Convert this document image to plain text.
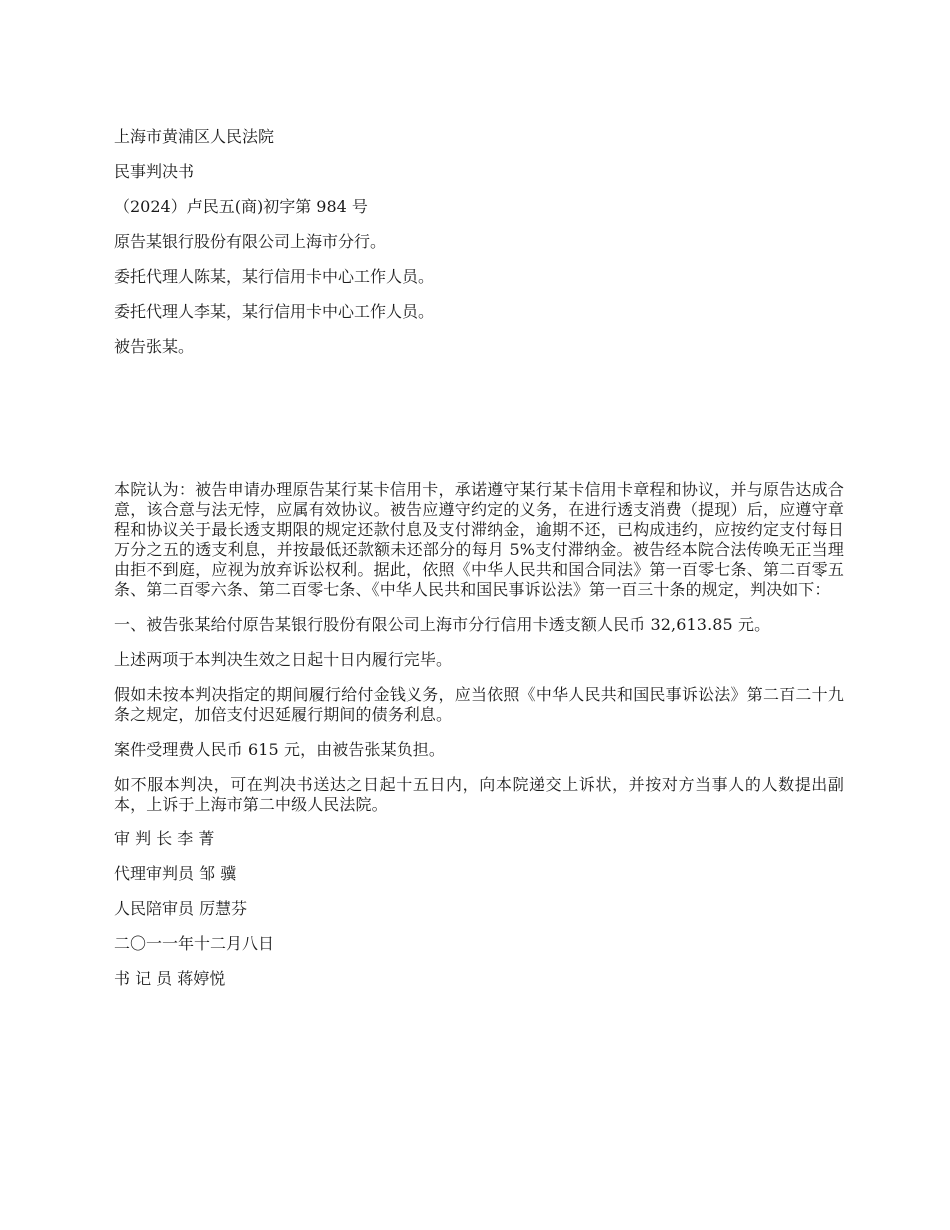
上海市黄浦区人民法院

民事判决书

（2024）卢民五(商)初字第 984 号

原告某银行股份有限公司上海市分行。

委托代理人陈某，某行信用卡中心工作人员。

委托代理人李某，某行信用卡中心工作人员。

被告张某。

本院认为：被告申请办理原告某行某卡信用卡，承诺遵守某行某卡信用卡章程和协议，并与原告达成合意，该合意与法无悖，应属有效协议。被告应遵守约定的义务，在进行透支消费（提现）后，应遵守章程和协议关于最长透支期限的规定还款付息及支付滞纳金，逾期不还，已构成违约，应按约定支付每日万分之五的透支利息，并按最低还款额未还部分的每月 5%支付滞纳金。被告经本院合法传唤无正当理由拒不到庭，应视为放弃诉讼权利。据此，依照《中华人民共和国合同法》第一百零七条、第二百零五条、第二百零六条、第二百零七条、《中华人民共和国民事诉讼法》第一百三十条的规定，判决如下：

一、被告张某给付原告某银行股份有限公司上海市分行信用卡透支额人民币 32,613.85 元。

上述两项于本判决生效之日起十日内履行完毕。

假如未按本判决指定的期间履行给付金钱义务，应当依照《中华人民共和国民事诉讼法》第二百二十九条之规定，加倍支付迟延履行期间的债务利息。

案件受理费人民币 615 元，由被告张某负担。

如不服本判决，可在判决书送达之日起十五日内，向本院递交上诉状，并按对方当事人的人数提出副本，上诉于上海市第二中级人民法院。

审 判 长 李 菁

代理审判员 邹 骥

人民陪审员 厉慧芬

二〇一一年十二月八日

书 记 员 蒋婷悦
